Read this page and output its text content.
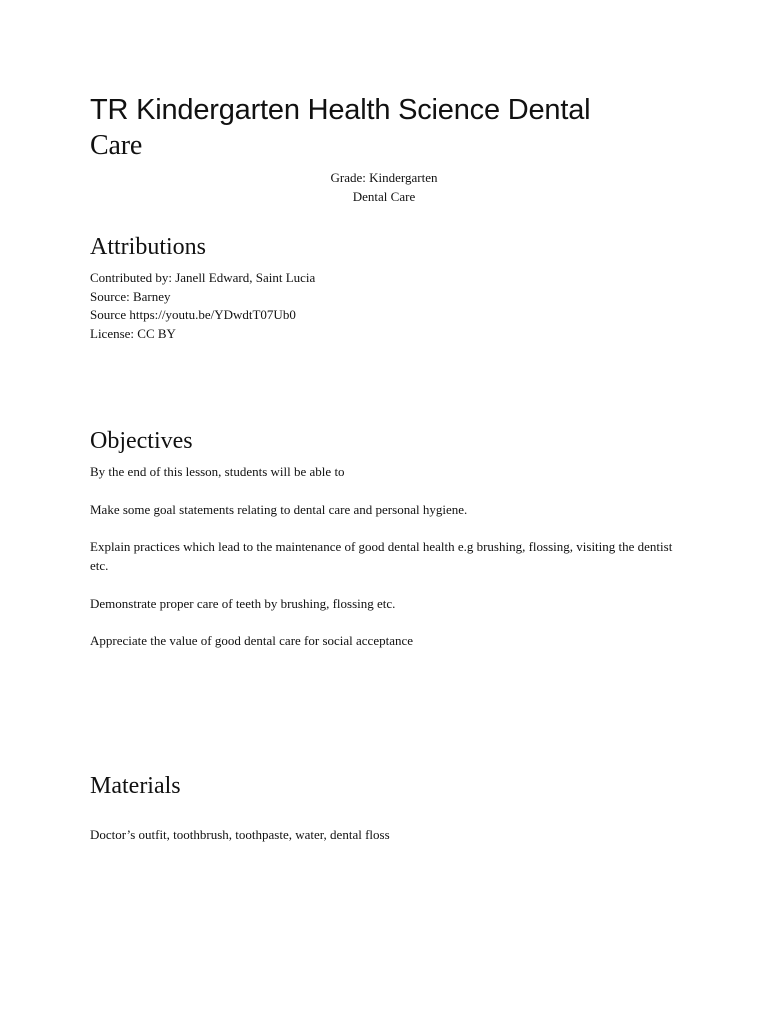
TR Kindergarten Health Science Dental
Care
Grade: Kindergarten
Dental Care
Attributions

Contributed by: Janell Edward, Saint Lucia

Source: Barney

Source https://youtu.be/YDwdtT07Ub0

License: CC BY

Objectives

By the end of this lesson, students will be able to

Make some goal statements relating to dental care and personal hygiene.

Explain practices which lead to the maintenance of good dental health e.g brushing, flossing, visiting the dentist etc.

Demonstrate proper care of teeth by brushing, flossing etc.

Appreciate the value of good dental care for social acceptance

Materials

Doctor’s outfit, toothbrush, toothpaste, water, dental floss
